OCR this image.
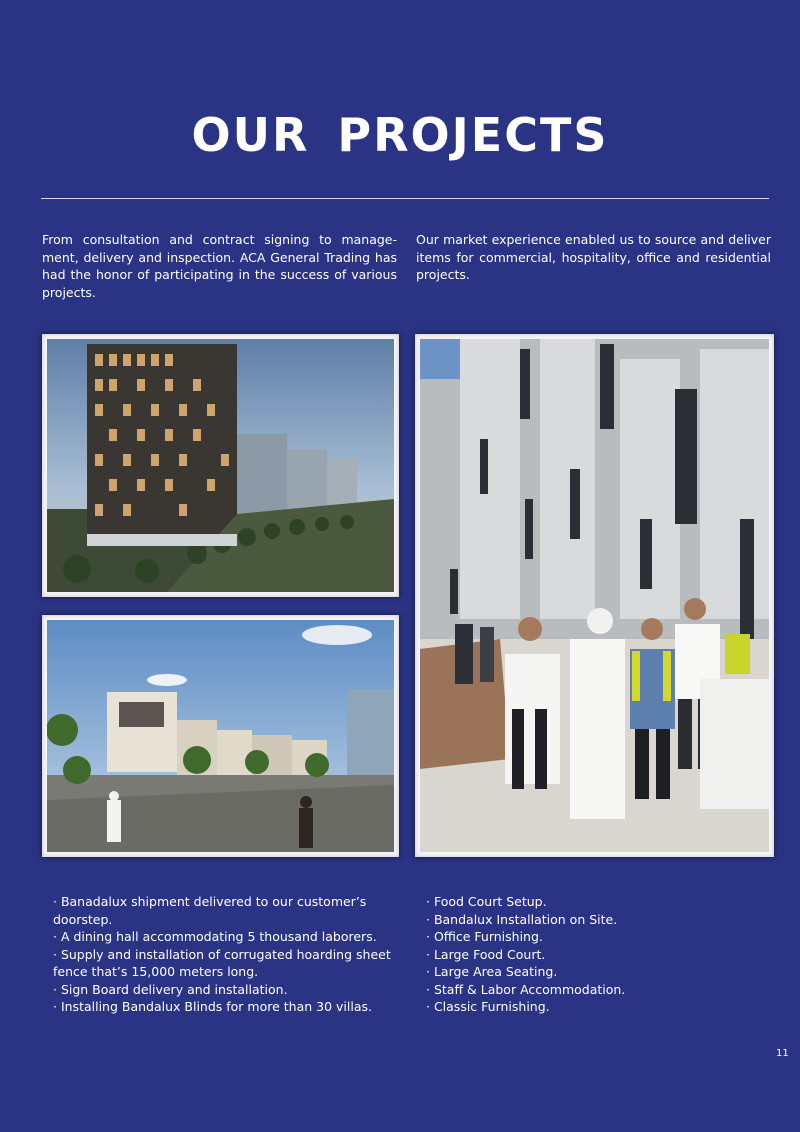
OUR PROJECTS
From consultation and contract signing to manage-ment, delivery and inspection. ACA General Trading has had the honor of participating in the success of various projects.
Our market experience enabled us to source and deliver items for commercial, hospitality, office and residential projects.
· Banadalux shipment delivered to our customer’s doorstep.
· A dining hall accommodating 5 thousand laborers.
· Supply and installation of corrugated hoarding sheet fence that’s 15,000 meters long.
· Sign Board delivery and installation.
· Installing Bandalux Blinds for more than 30 villas.
· Food Court Setup.
· Bandalux Installation on Site.
· Office Furnishing.
· Large Food Court.
· Large Area Seating.
· Staff & Labor Accommodation.
· Classic Furnishing.
11
